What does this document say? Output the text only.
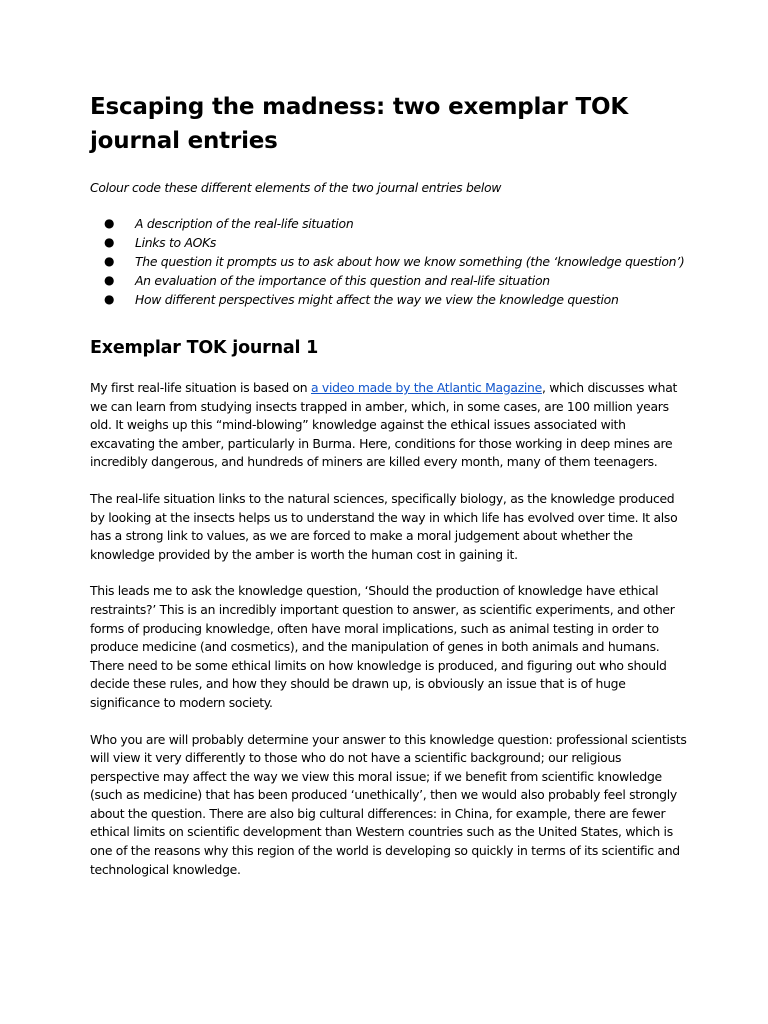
Escaping the madness: two exemplar TOK journal entries

Colour code these different elements of the two journal entries below

● A description of the real-life situation
● Links to AOKs
● The question it prompts us to ask about how we know something (the ‘knowledge question’)
● An evaluation of the importance of this question and real-life situation
● How different perspectives might affect the way we view the knowledge question
Exemplar TOK journal 1

My first real-life situation is based on a video made by the Atlantic Magazine, which discusses what we can learn from studying insects trapped in amber, which, in some cases, are 100 million years old. It weighs up this “mind-blowing” knowledge against the ethical issues associated with excavating the amber, particularly in Burma. Here, conditions for those working in deep mines are incredibly dangerous, and hundreds of miners are killed every month, many of them teenagers.

The real-life situation links to the natural sciences, specifically biology, as the knowledge produced by looking at the insects helps us to understand the way in which life has evolved over time. It also has a strong link to values, as we are forced to make a moral judgement about whether the knowledge provided by the amber is worth the human cost in gaining it.

This leads me to ask the knowledge question, ‘Should the production of knowledge have ethical restraints?’ This is an incredibly important question to answer, as scientific experiments, and other forms of producing knowledge, often have moral implications, such as animal testing in order to produce medicine (and cosmetics), and the manipulation of genes in both animals and humans. There need to be some ethical limits on how knowledge is produced, and figuring out who should decide these rules, and how they should be drawn up, is obviously an issue that is of huge significance to modern society.

Who you are will probably determine your answer to this knowledge question: professional scientists will view it very differently to those who do not have a scientific background; our religious perspective may affect the way we view this moral issue; if we benefit from scientific knowledge (such as medicine) that has been produced ‘unethically’, then we would also probably feel strongly about the question. There are also big cultural differences: in China, for example, there are fewer ethical limits on scientific development than Western countries such as the United States, which is one of the reasons why this region of the world is developing so quickly in terms of its scientific and technological knowledge.
